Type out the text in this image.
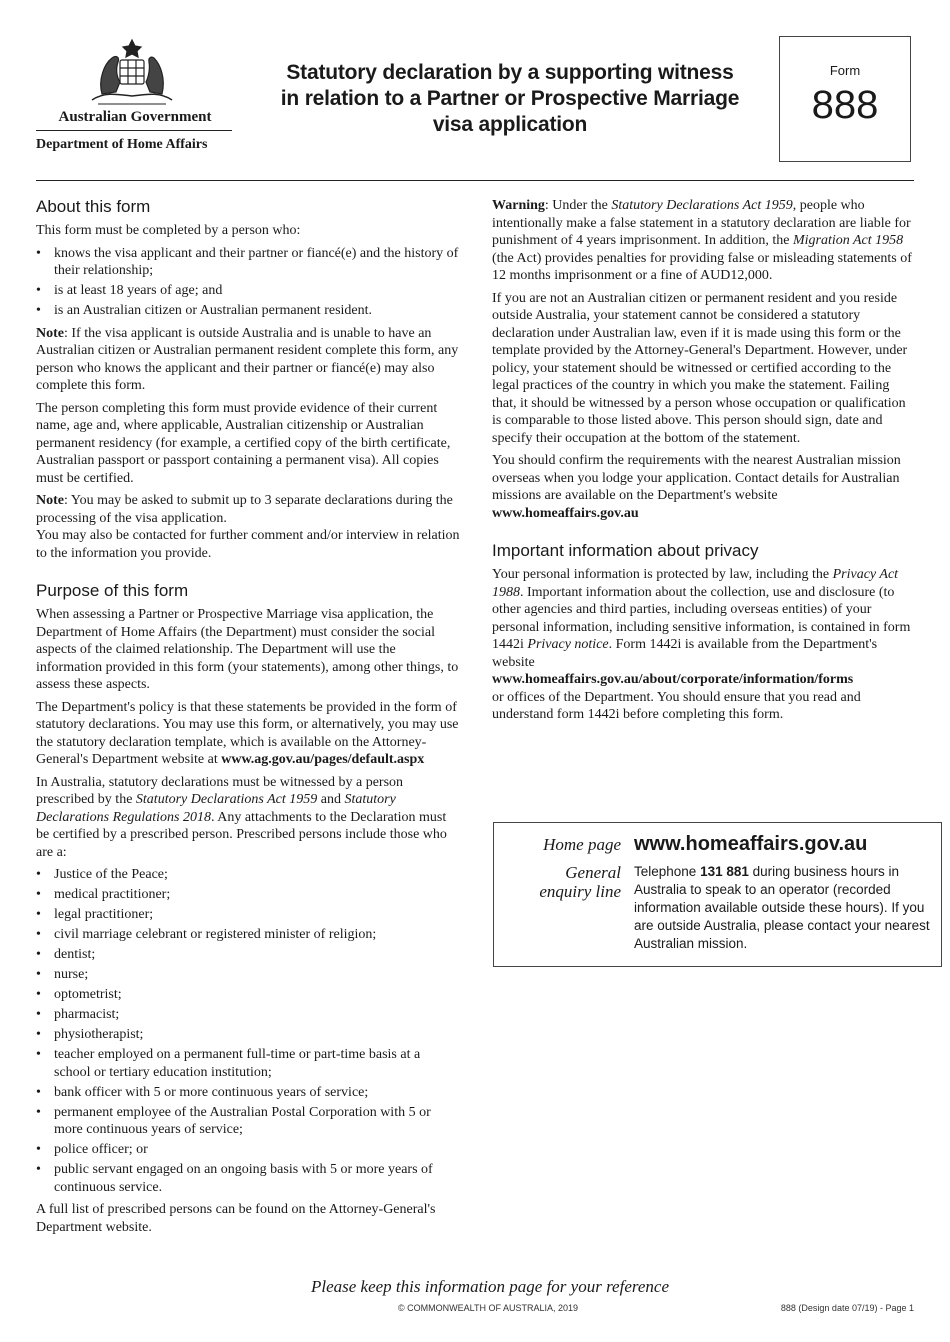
Australian Government
Department of Home Affairs
Statutory declaration by a supporting witness
in relation to a Partner or Prospective Marriage
visa application
Form
888
About this form

This form must be completed by a person who:

• knows the visa applicant and their partner or fiancé(e) and the history of their relationship;
• is at least 18 years of age; and
• is an Australian citizen or Australian permanent resident.

Note: If the visa applicant is outside Australia and is unable to have an Australian citizen or Australian permanent resident complete this form, any person who knows the applicant and their partner or fiancé(e) may also complete this form.

The person completing this form must provide evidence of their current name, age and, where applicable, Australian citizenship or Australian permanent residency (for example, a certified copy of the birth certificate, Australian passport or passport containing a permanent visa). All copies must be certified.

Note: You may be asked to submit up to 3 separate declarations during the processing of the visa application.

You may also be contacted for further comment and/or interview in relation to the information you provide.

Purpose of this form

When assessing a Partner or Prospective Marriage visa application, the Department of Home Affairs (the Department) must consider the social aspects of the claimed relationship. The Department will use the information provided in this form (your statements), among other things, to assess these aspects.

The Department's policy is that these statements be provided in the form of statutory declarations. You may use this form, or alternatively, you may use the statutory declaration template, which is available on the Attorney-General's Department website at www.ag.gov.au/pages/default.aspx

In Australia, statutory declarations must be witnessed by a person prescribed by the Statutory Declarations Act 1959 and Statutory Declarations Regulations 2018. Any attachments to the Declaration must be certified by a prescribed person. Prescribed persons include those who are a:

• Justice of the Peace;
• medical practitioner;
• legal practitioner;
• civil marriage celebrant or registered minister of religion;
• dentist;
• nurse;
• optometrist;
• pharmacist;
• physiotherapist;
• teacher employed on a permanent full-time or part-time basis at a school or tertiary education institution;
• bank officer with 5 or more continuous years of service;
• permanent employee of the Australian Postal Corporation with 5 or more continuous years of service;
• police officer; or
• public servant engaged on an ongoing basis with 5 or more years of continuous service.

A full list of prescribed persons can be found on the Attorney-General's Department website.

Warning: Under the Statutory Declarations Act 1959, people who intentionally make a false statement in a statutory declaration are liable for punishment of 4 years imprisonment. In addition, the Migration Act 1958 (the Act) provides penalties for providing false or misleading statements of 12 months imprisonment or a fine of AUD12,000.

If you are not an Australian citizen or permanent resident and you reside outside Australia, your statement cannot be considered a statutory declaration under Australian law, even if it is made using this form or the template provided by the Attorney-General's Department. However, under policy, your statement should be witnessed or certified according to the legal practices of the country in which you make the statement. Failing that, it should be witnessed by a person whose occupation or qualification is comparable to those listed above. This person should sign, date and specify their occupation at the bottom of the statement.

You should confirm the requirements with the nearest Australian mission overseas when you lodge your application. Contact details for Australian missions are available on the Department's website www.homeaffairs.gov.au

Important information about privacy

Your personal information is protected by law, including the Privacy Act 1988. Important information about the collection, use and disclosure (to other agencies and third parties, including overseas entities) of your personal information, including sensitive information, is contained in form 1442i Privacy notice. Form 1442i is available from the Department's website
www.homeaffairs.gov.au/about/corporate/information/forms
or offices of the Department. You should ensure that you read and understand form 1442i before completing this form.

Home page www.homeaffairs.gov.au
General
enquiry line
Telephone 131 881 during business hours in Australia to speak to an operator (recorded information available outside these hours). If you are outside Australia, please contact your nearest Australian mission.
Please keep this information page for your reference
© COMMONWEALTH OF AUSTRALIA, 2019	888 (Design date 07/19) - Page 1
